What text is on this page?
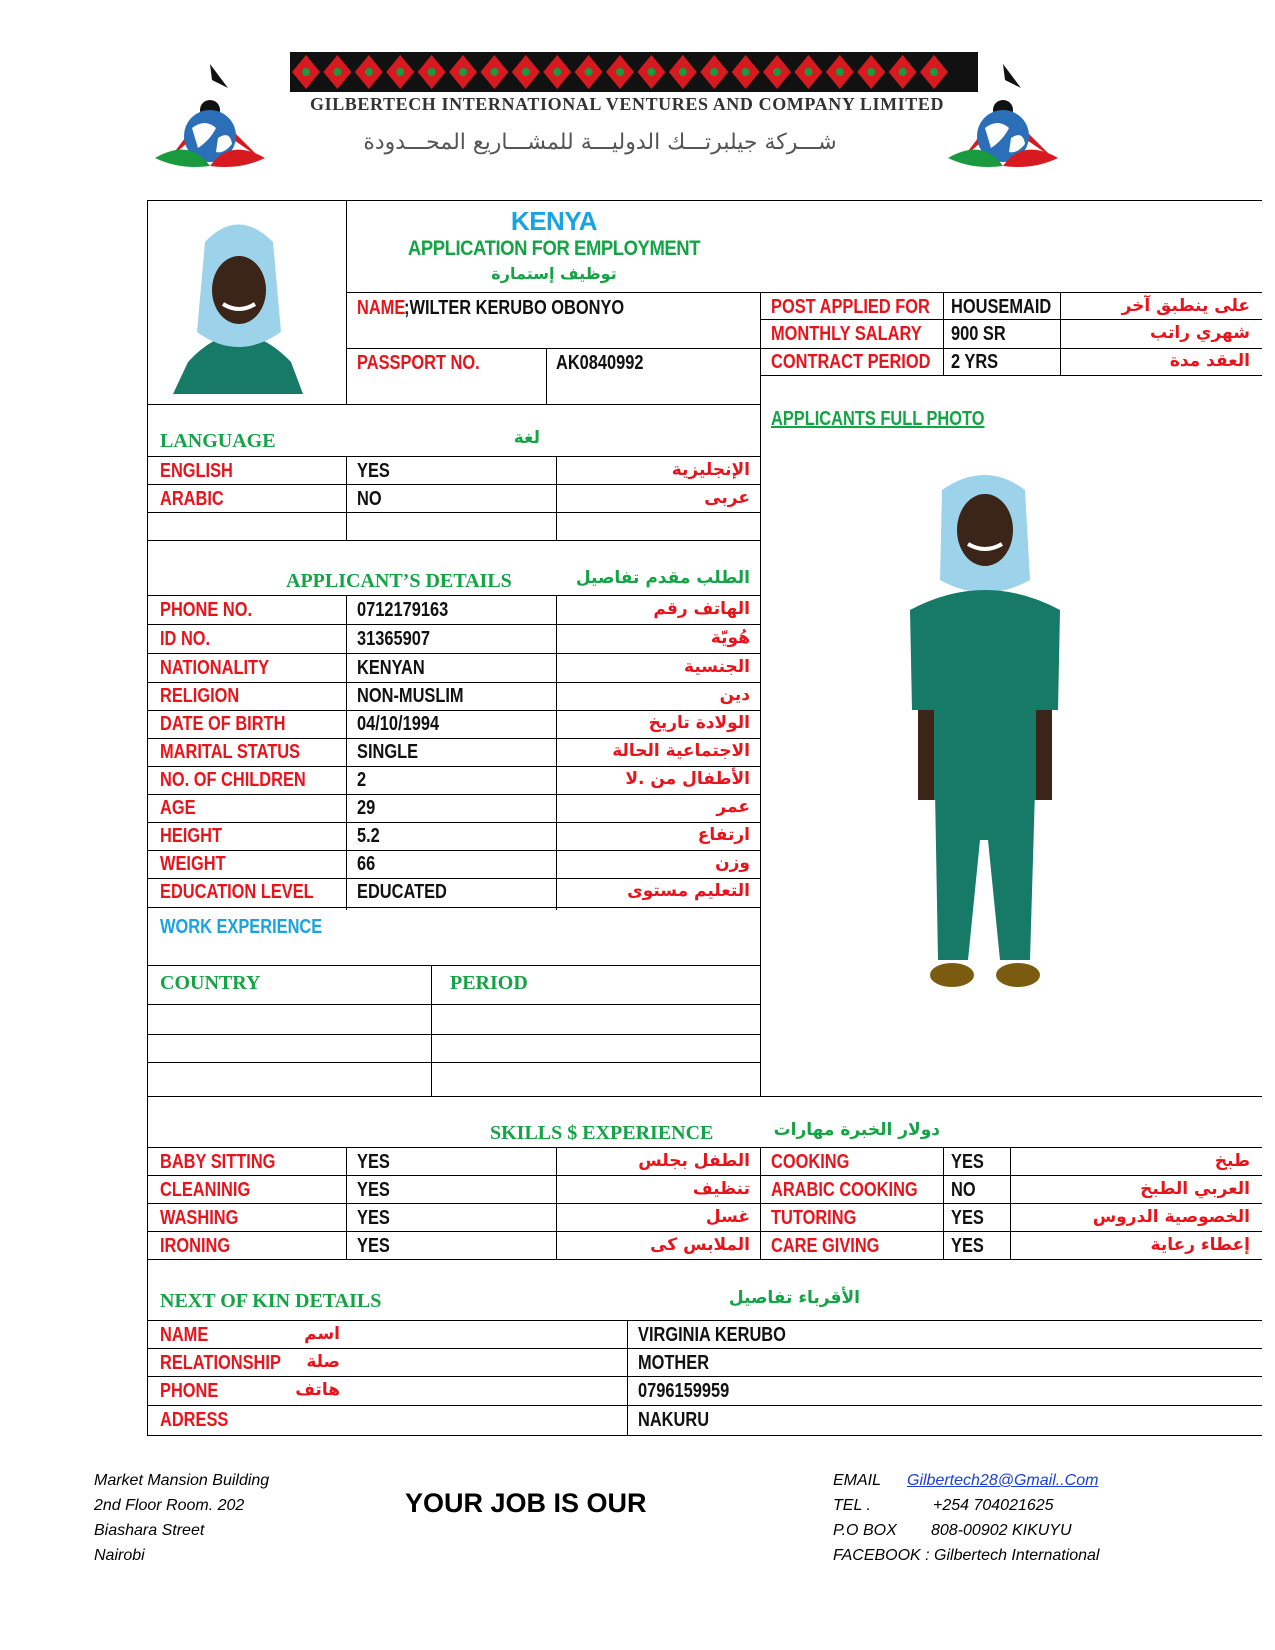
GILBERTECH INTERNATIONAL VENTURES AND COMPANY LIMITED
شـــركة جيلبرتـــك الدوليـــة للمشـــاريع المحـــدودة
KENYA
APPLICATION FOR EMPLOYMENT
توظيف إستمارة
NAME;WILTER KERUBO OBONYO
PASSPORT NO.	AK0840992
POST APPLIED FOR HOUSEMAID	على ينطبق آخر
MONTHLY SALARY 900 SR	شهري راتب
CONTRACT PERIOD 2 YRS	العقد مدة
APPLICANTS FULL PHOTO
LANGUAGE	لغة
ENGLISH	YES	الإنجليزية
ARABIC	NO	عربى
APPLICANT’S DETAILS	الطلب مقدم تفاصيل
PHONE NO.	0712179163	الهاتف رقم
ID NO.	31365907	هُويّة
NATIONALITY	KENYAN	الجنسية
RELIGION	NON-MUSLIM	دين
DATE OF BIRTH	04/10/1994	الولادة تاريخ
MARITAL STATUS	SINGLE	الاجتماعية الحالة
NO. OF CHILDREN	2	الأطفال من .لا
AGE	29	عمر
HEIGHT	5.2	ارتفاع
WEIGHT	66	وزن
EDUCATION LEVEL EDUCATED	التعليم مستوى
WORK EXPERIENCE
COUNTRY	PERIOD
SKILLS $ EXPERIENCE	دولار الخبرة مهارات
BABY SITTING	YES	الطفل بجلس COOKING	YES	طبخ
CLEANINIG	YES	تنظيف ARABIC COOKING NO	العربي الطبخ
WASHING	YES	غسل TUTORING	YES	الخصوصية الدروس
IRONING	YES	الملابس كى CARE GIVING	YES	إعطاء رعاية
NEXT OF KIN DETAILS	الأقرباء تفاصيل
NAME	اسم	VIRGINIA KERUBO
RELATIONSHIP	صلة	MOTHER
PHONE	هاتف	0796159959
ADRESS	NAKURU
Market Mansion Building
2nd Floor Room. 202
Biashara Street
Nairobi
YOUR JOB IS OUR
EMAIL Gilbertech28@Gmail..Com
TEL .	+254 704021625
P.O BOX 808-00902 KIKUYU
FACEBOOK : Gilbertech International
